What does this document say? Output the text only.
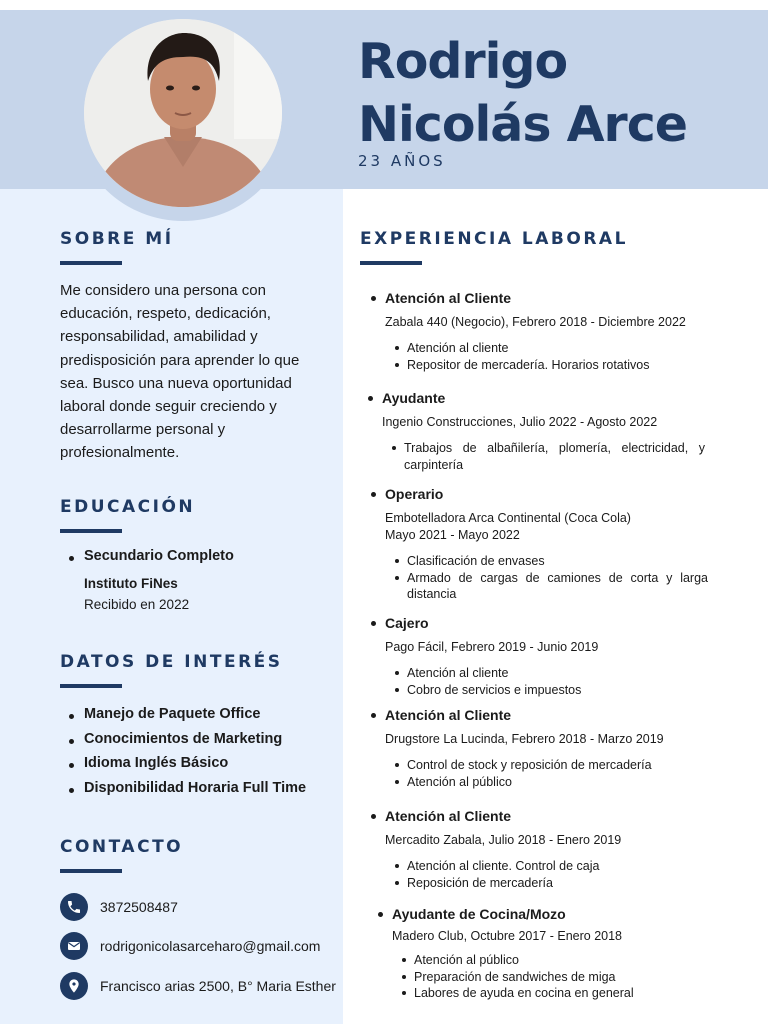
Rodrigo
Nicolás Arce
23 AÑOS
SOBRE MÍ
Me considero una persona con educación, respeto, dedicación, responsabilidad, amabilidad y predisposición para aprender lo que sea. Busco una nueva oportunidad laboral donde seguir creciendo y desarrollarme personal y profesionalmente.
EDUCACIÓN
Secundario Completo
Instituto FiNes
Recibido en 2022
DATOS DE INTERÉS
Manejo de Paquete Office
Conocimientos de Marketing
Idioma Inglés Básico
Disponibilidad Horaria Full Time
CONTACTO
3872508487
rodrigonicolasarceharo@gmail.com
Francisco arias 2500, B° Maria Esther
EXPERIENCIA LABORAL
Atención al Cliente
Zabala 440 (Negocio), Febrero 2018 - Diciembre 2022
Atención al cliente
Repositor de mercadería. Horarios rotativos
Ayudante
Ingenio Construcciones, Julio 2022 - Agosto 2022
Trabajos de albañilería, plomería, electricidad, y carpintería
Operario
Embotelladora Arca Continental (Coca Cola)
Mayo 2021 - Mayo 2022
Clasificación de envases
Armado de cargas de camiones de corta y larga distancia
Cajero
Pago Fácil, Febrero 2019 - Junio 2019
Atención al cliente
Cobro de servicios e impuestos
Atención al Cliente
Drugstore La Lucinda, Febrero 2018 - Marzo 2019
Control de stock y reposición de mercadería
Atención al público
Atención al Cliente
Mercadito Zabala, Julio 2018 - Enero 2019
Atención al cliente. Control de caja
Reposición de mercadería
Ayudante de Cocina/Mozo
Madero Club, Octubre 2017 - Enero 2018
Atención al público
Preparación de sandwiches de miga
Labores de ayuda en cocina en general
